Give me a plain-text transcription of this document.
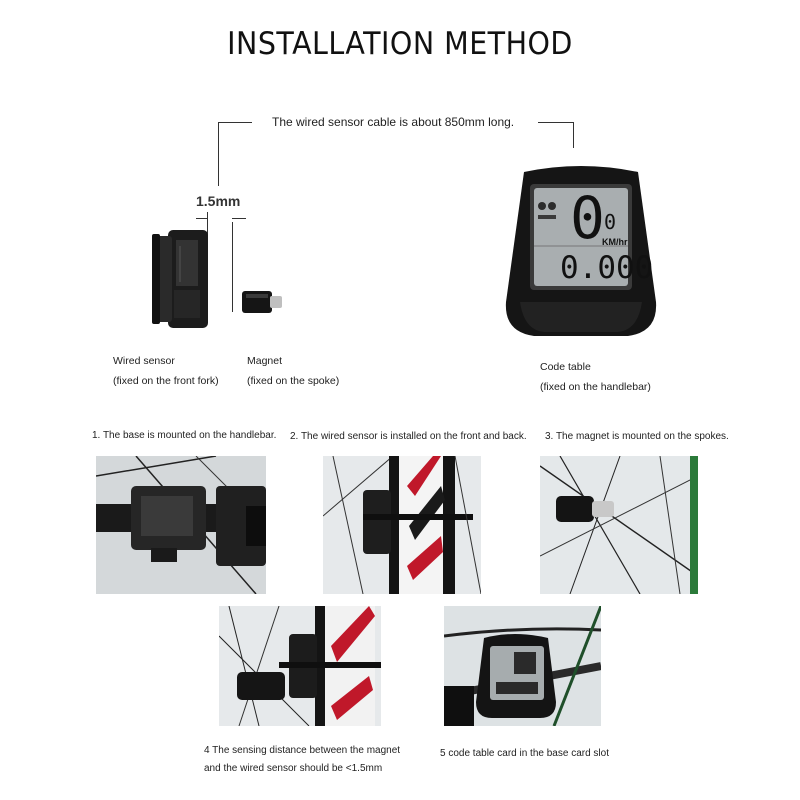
INSTALLATION METHOD
The wired sensor cable is about 850mm long.
1.5mm	0 0
KM/hr
0.000
Wired sensor
(fixed on the front fork)
Magnet
(fixed on the spoke)
Code table
(fixed on the handlebar)
1. The base is mounted on the handlebar. 2. The wired sensor is installed on the front and back. 3. The magnet is mounted on the spokes.
4 The sensing distance between the magnet
and the wired sensor should be <1.5mm
5 code table card in the base card slot
